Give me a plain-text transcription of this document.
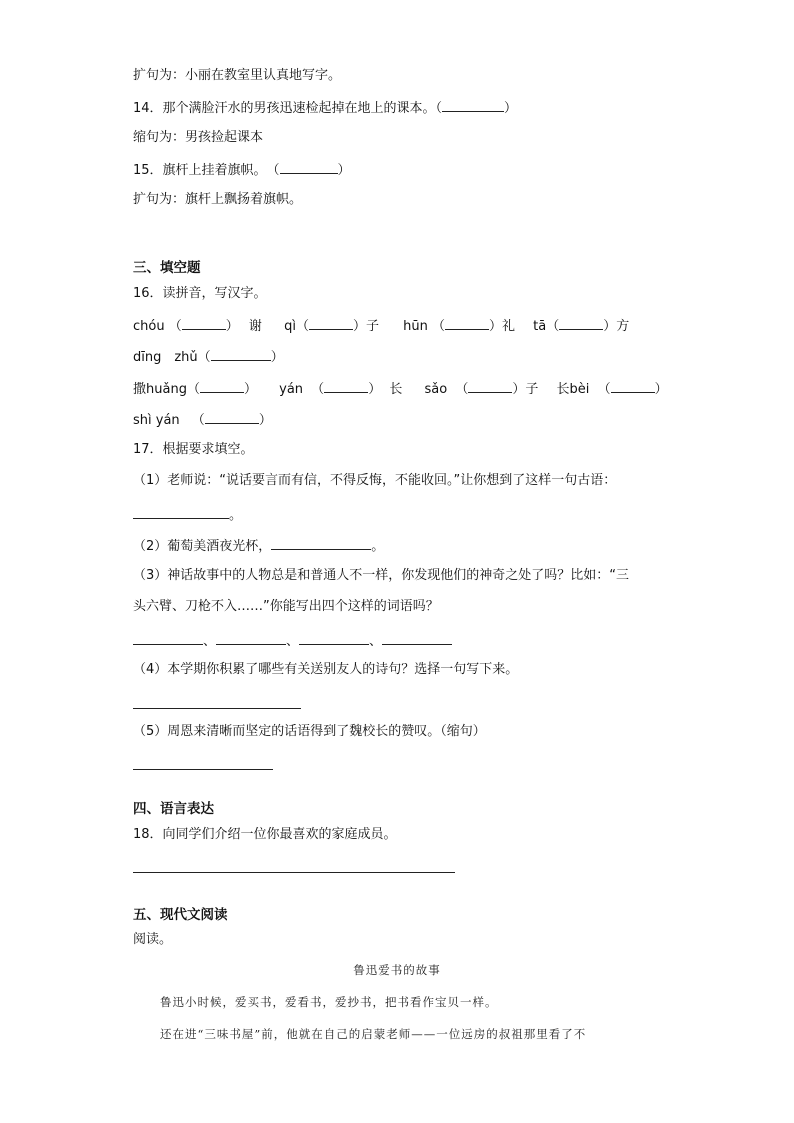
扩句为：小丽在教室里认真地写字。
14．那个满脸汗水的男孩迅速检起掉在地上的课本。（	）
缩句为：男孩捡起课本
15．旗杆上挂着旗帜。　（	）
扩句为：旗杆上飘扬着旗帜。
三、填空题
16．读拼音，写汉字。
chóu （	） 谢 qì（	）子 hūn （	）礼 tā（	）方
dīng　zhǔ（	）
撒huǎng（	） yán （	） 长 sǎo （	）子 长bèi （	）
shì yán （	）
17．根据要求填空。
（1）老师说：“说话要言而有信，不得反悔，不能收回。”让你想到了这样一句古语：
。
（2）葡萄美酒夜光杯，	。
（3）神话故事中的人物总是和普通人不一样，你发现他们的神奇之处了吗？比如：“三
头六臂、刀枪不入……”你能写出四个这样的词语吗？
、	、	、
（4）本学期你积累了哪些有关送别友人的诗句？选择一句写下来。
（5）周恩来清晰而坚定的话语得到了魏校长的赞叹。（缩句）
四、语言表达
18．向同学们介绍一位你最喜欢的家庭成员。
五、现代文阅读
阅读。
鲁迅爱书的故事
鲁迅小时候，爱买书，爱看书，爱抄书，把书看作宝贝一样。
还在进“三味书屋”前，他就在自己的启蒙老师——一位远房的叔祖那里看了不
